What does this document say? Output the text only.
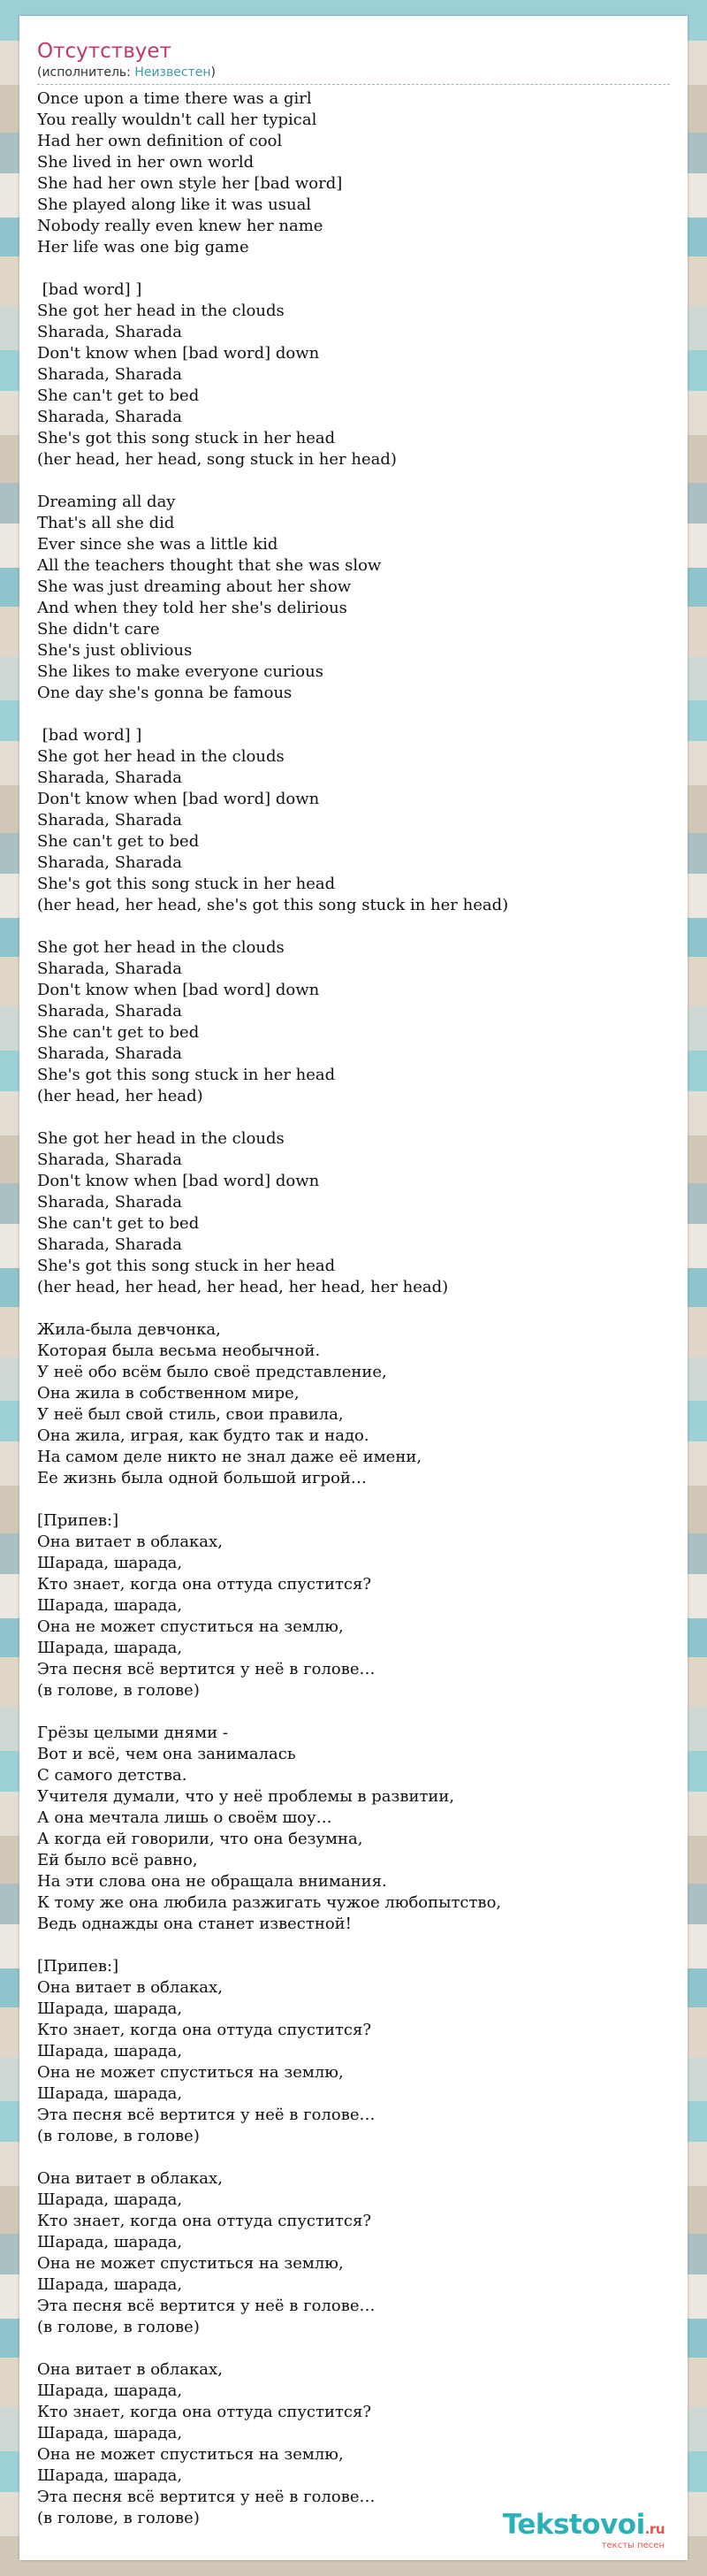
Отсутствует
(исполнитель: Неизвестен)
Once upon a time there was a girl
You really wouldn't call her typical
Had her own definition of cool
She lived in her own world
She had her own style her [bad word]
She played along like it was usual
Nobody really even knew her name
Her life was one big game
[bad word] ]
She got her head in the clouds
Sharada, Sharada
Don't know when [bad word] down
Sharada, Sharada
She can't get to bed
Sharada, Sharada
She's got this song stuck in her head
(her head, her head, song stuck in her head)
Dreaming all day
That's all she did
Ever since she was a little kid
All the teachers thought that she was slow
She was just dreaming about her show
And when they told her she's delirious
She didn't care
She's just oblivious
She likes to make everyone curious
One day she's gonna be famous
[bad word] ]
She got her head in the clouds
Sharada, Sharada
Don't know when [bad word] down
Sharada, Sharada
She can't get to bed
Sharada, Sharada
She's got this song stuck in her head
(her head, her head, she's got this song stuck in her head)
She got her head in the clouds
Sharada, Sharada
Don't know when [bad word] down
Sharada, Sharada
She can't get to bed
Sharada, Sharada
She's got this song stuck in her head
(her head, her head)
She got her head in the clouds
Sharada, Sharada
Don't know when [bad word] down
Sharada, Sharada
She can't get to bed
Sharada, Sharada
She's got this song stuck in her head
(her head, her head, her head, her head, her head)
Жила-была девчонка,
Которая была весьма необычной.
У неё обо всём было своё представление,
Она жила в собственном мире,
У неё был свой стиль, свои правила,
Она жила, играя, как будто так и надо.
На самом деле никто не знал даже её имени,
Ее жизнь была одной большой игрой…
[Припев:]
Она витает в облаках,
Шарада, шарада,
Кто знает, когда она оттуда спустится?
Шарада, шарада,
Она не может спуститься на землю,
Шарада, шарада,
Эта песня всё вертится у неё в голове…
(в голове, в голове)
Грёзы целыми днями -
Вот и всё, чем она занималась
С самого детства.
Учителя думали, что у неё проблемы в развитии,
А она мечтала лишь о своём шоу…
А когда ей говорили, что она безумна,
Ей было всё равно,
На эти слова она не обращала внимания.
К тому же она любила разжигать чужое любопытство,
Ведь однажды она станет известной!
[Припев:]
Она витает в облаках,
Шарада, шарада,
Кто знает, когда она оттуда спустится?
Шарада, шарада,
Она не может спуститься на землю,
Шарада, шарада,
Эта песня всё вертится у неё в голове…
(в голове, в голове)
Она витает в облаках,
Шарада, шарада,
Кто знает, когда она оттуда спустится?
Шарада, шарада,
Она не может спуститься на землю,
Шарада, шарада,
Эта песня всё вертится у неё в голове…
(в голове, в голове)
Она витает в облаках,
Шарада, шарада,
Кто знает, когда она оттуда спустится?
Шарада, шарада,
Она не может спуститься на землю,
Шарада, шарада,
Эта песня всё вертится у неё в голове…
(в голове, в голове)	Tekstovoi.ru
тексты песен
